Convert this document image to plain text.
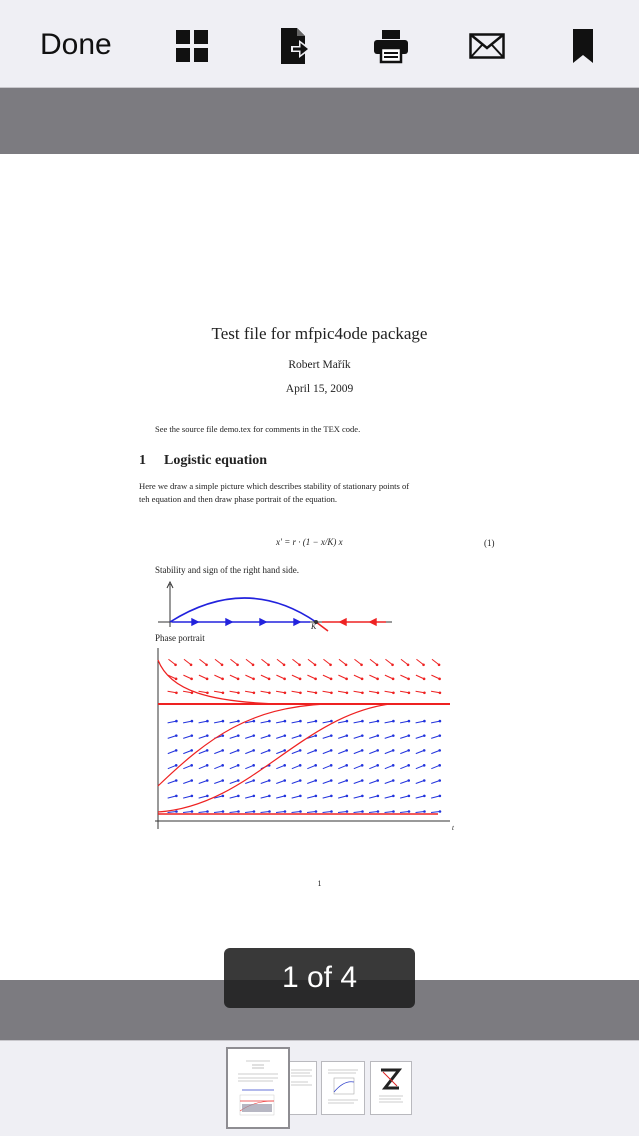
Done
Test file for mfpic4ode package
Robert Mařík
April 15, 2009
See the source file demo.tex for comments in the TEX code.
1 Logistic equation
Here we draw a simple picture which describes stability of stationary points of
teh equation and then draw phase portrait of the equation.
x′ = r · (1 − x/K) x	(1)
Stability and sign of the right hand side.
K
Phase portrait
t
1
1 of 4
